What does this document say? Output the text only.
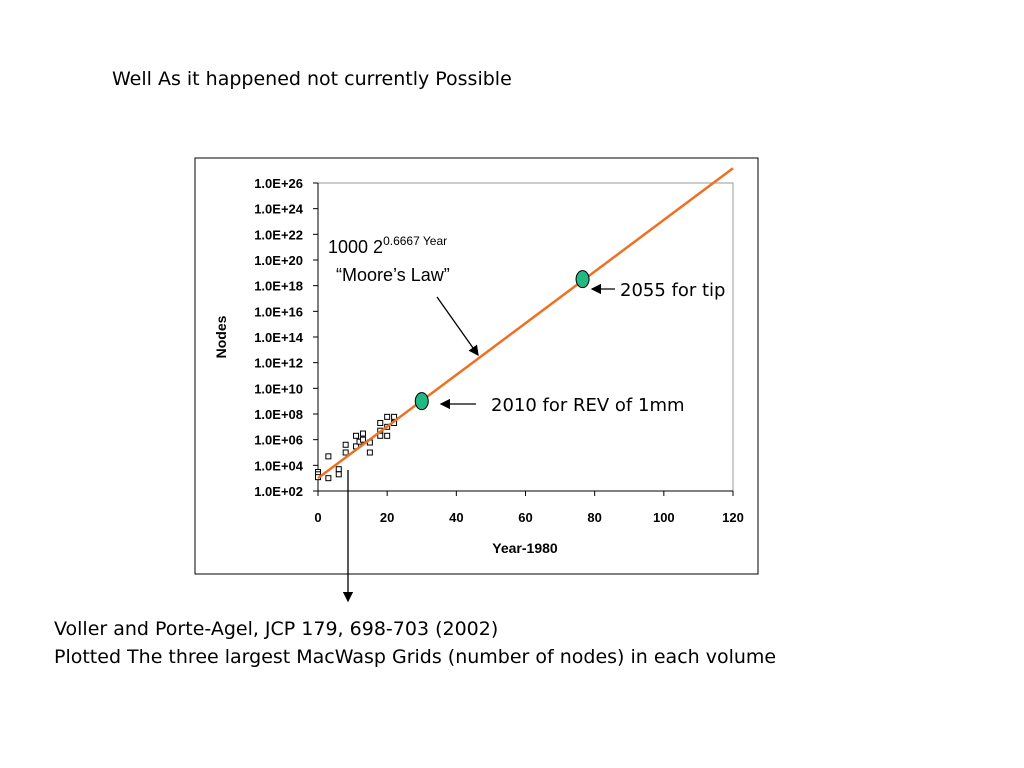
Well As it happened not currently Possible
Voller and Porte-Agel, JCP 179, 698-703 (2002)
Plotted The three largest MacWasp Grids (number of nodes) in each volume
1.0E+02
1.0E+04
1.0E+06
1.0E+08
1.0E+10
1.0E+12
1.0E+14
1.0E+16
1.0E+18
1.0E+20
1.0E+22
1.0E+24
1.0E+26
0	20	40	60	80	100	120
Nodes
Year-1980
1000 $2^{0.6667 Year}$
“Moore’s Law”
2055 for tip
2010 for REV of 1mm
